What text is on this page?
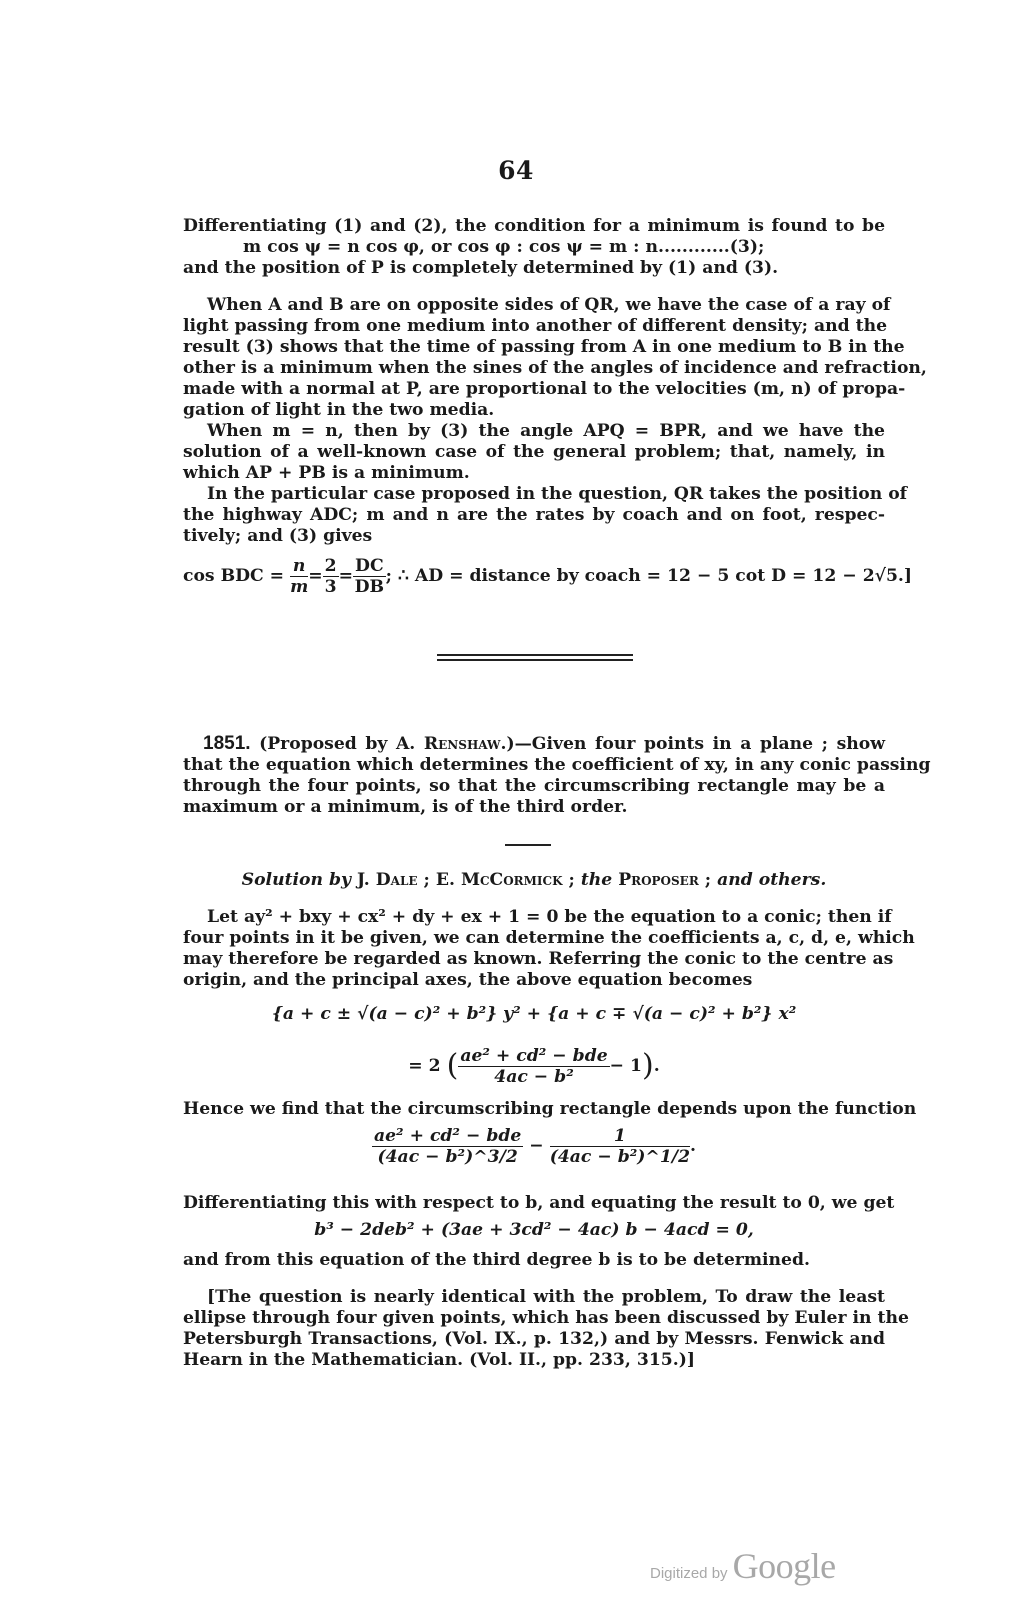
64
Differentiating (1) and (2), the condition for a minimum is found to be
m cos ψ = n cos φ, or cos φ : cos ψ = m : n............(3);
and the position of P is completely determined by (1) and (3).
When A and B are on opposite sides of QR, we have the case of a ray of
light passing from one medium into another of different density; and the
result (3) shows that the time of passing from A in one medium to B in the
other is a minimum when the sines of the angles of incidence and refraction,
made with a normal at P, are proportional to the velocities (m, n) of propa-
gation of light in the two media.
When m = n, then by (3) the angle APQ = BPR, and we have the
solution of a well-known case of the general problem; that, namely, in
which AP + PB is a minimum.
In the particular case proposed in the question, QR takes the position of
the highway ADC; m and n are the rates by coach and on foot, respec-
tively; and (3) gives
cos BDC = $\frac{n}{m} = \frac{2}{3} = \frac{DC}{DB}$ ; ∴ AD = distance by coach = 12 − 5 cot D = 12 − 2√5.]
1851. (Proposed by A. Renshaw.)—Given four points in a plane ; show
that the equation which determines the coefficient of xy, in any conic passing
through the four points, so that the circumscribing rectangle may be a
maximum or a minimum, is of the third order.
Solution by J. Dale ; E. McCormick ; the Proposer ; and others.
Let ay² + bxy + cx² + dy + ex + 1 = 0 be the equation to a conic; then if
four points in it be given, we can determine the coefficients a, c, d, e, which
may therefore be regarded as known. Referring the conic to the centre as
origin, and the principal axes, the above equation becomes
{a + c ± √(a − c)² + b²} y² + {a + c ∓ √(a − c)² + b²} x²
= 2 ( $\frac{\text{ae² + cd² − bde}}{\text{4ac − b²}} - 1$).
Hence we find that the circumscribing rectangle depends upon the function
$\frac{\text{ae² + cd² − bde}}{\text{(4ac − b²)\textasciicircum{}3/2}} - \frac{1}{\text{(4ac − b²)\textasciicircum{}1/2}}$ .
Differentiating this with respect to b, and equating the result to 0, we get
b³ − 2deb² + (3ae + 3cd² − 4ac) b − 4acd = 0,
and from this equation of the third degree b is to be determined.
[The question is nearly identical with the problem, To draw the least
ellipse through four given points, which has been discussed by Euler in the
Petersburgh Transactions, (Vol. IX., p. 132,) and by Messrs. Fenwick and
Hearn in the Mathematician. (Vol. II., pp. 233, 315.)]
Digitized by Google
